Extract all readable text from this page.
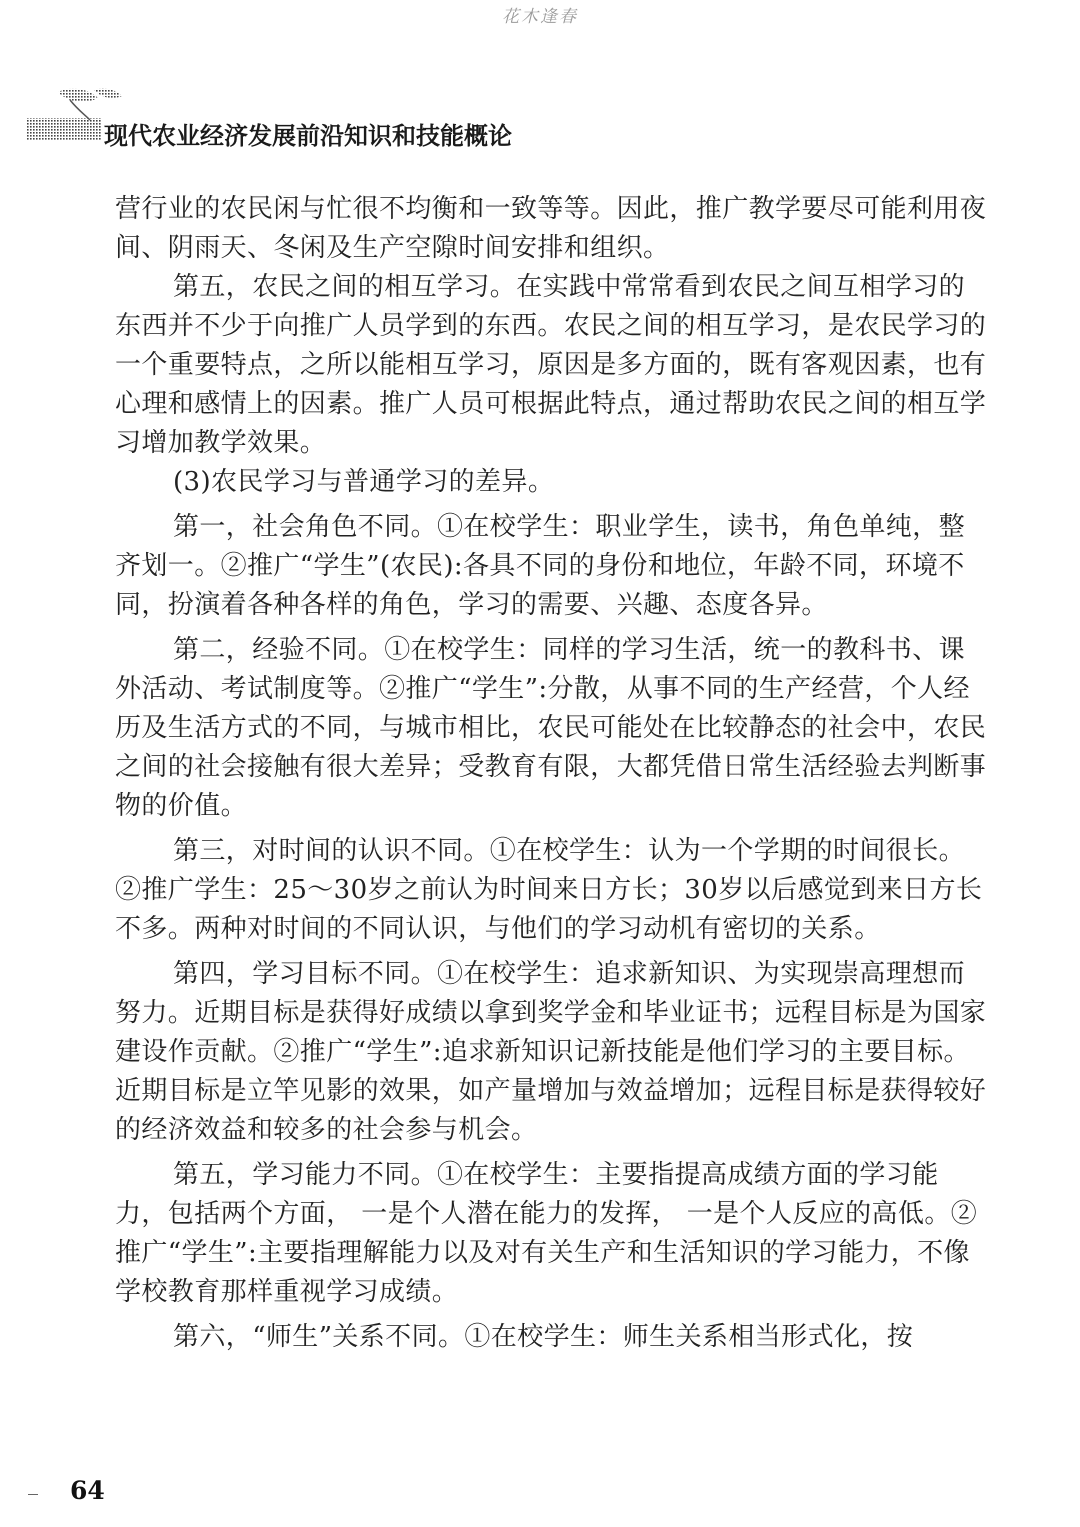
花木逢春
现代农业经济发展前沿知识和技能概论

营行业的农民闲与忙很不均衡和一致等等。因此，推广教学要尽可能利用夜间、阴雨天、冬闲及生产空隙时间安排和组织。

第五，农民之间的相互学习。在实践中常常看到农民之间互相学习的东西并不少于向推广人员学到的东西。农民之间的相互学习，是农民学习的一个重要特点，之所以能相互学习，原因是多方面的，既有客观因素，也有心理和感情上的因素。推广人员可根据此特点，通过帮助农民之间的相互学习增加教学效果。

(3)农民学习与普通学习的差异。

第一，社会角色不同。①在校学生：职业学生，读书，角色单纯，整齐划一。②推广“学生”(农民):各具不同的身份和地位，年龄不同，环境不同，扮演着各种各样的角色，学习的需要、兴趣、态度各异。

第二，经验不同。①在校学生：同样的学习生活，统一的教科书、课外活动、考试制度等。②推广“学生”:分散，从事不同的生产经营，个人经历及生活方式的不同，与城市相比，农民可能处在比较静态的社会中，农民之间的社会接触有很大差异；受教育有限，大都凭借日常生活经验去判断事物的价值。

第三，对时间的认识不同。①在校学生：认为一个学期的时间很长。②推广学生：25～30岁之前认为时间来日方长；30岁以后感觉到来日方长不多。两种对时间的不同认识，与他们的学习动机有密切的关系。

第四，学习目标不同。①在校学生：追求新知识、为实现崇高理想而努力。近期目标是获得好成绩以拿到奖学金和毕业证书；远程目标是为国家建设作贡献。②推广“学生”:追求新知识记新技能是他们学习的主要目标。近期目标是立竿见影的效果，如产量增加与效益增加；远程目标是获得较好的经济效益和较多的社会参与机会。

第五，学习能力不同。①在校学生：主要指提高成绩方面的学习能力，包括两个方面， 一是个人潜在能力的发挥， 一是个人反应的高低。②推广“学生”:主要指理解能力以及对有关生产和生活知识的学习能力，不像学校教育那样重视学习成绩。

第六，“师生”关系不同。①在校学生：师生关系相当形式化，按

64
